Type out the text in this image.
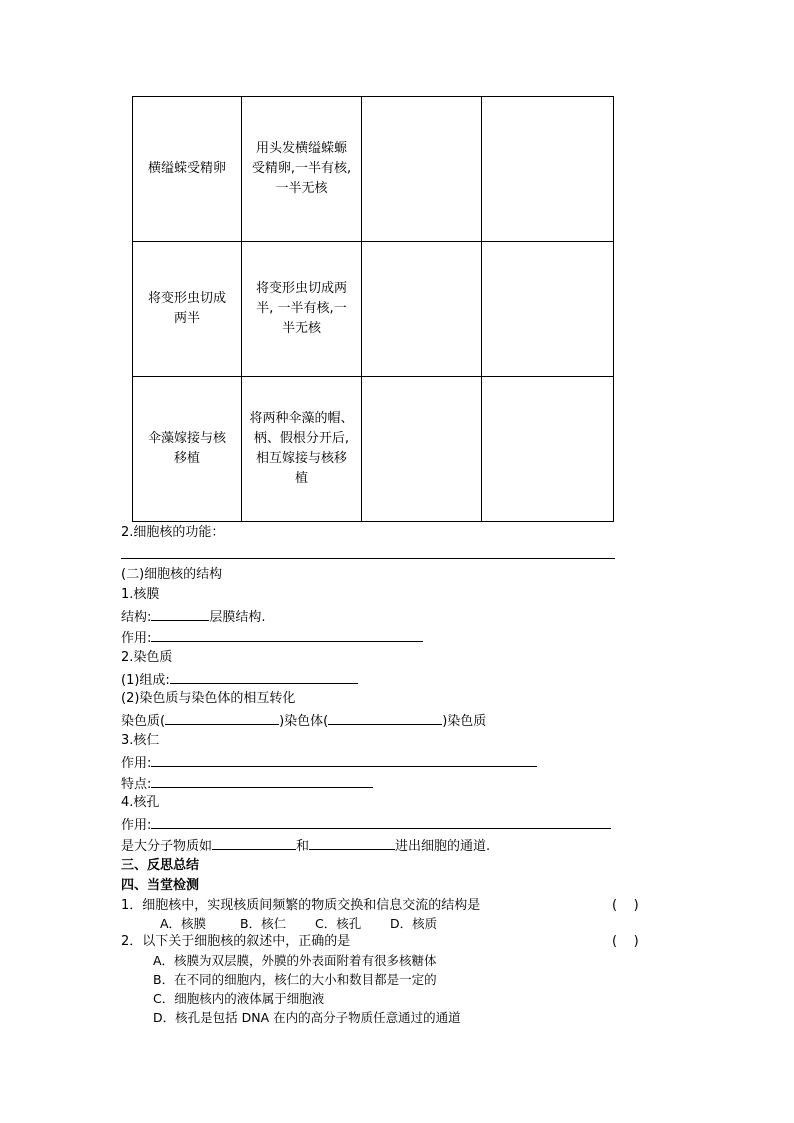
横缢蝾受精卵	用头发横缢蝾螈
受精卵,一半有核,
一半无核		

将变形虫切成两半	将变形虫切成两
半, 一半有核,一
半无核		

伞藻嫁接与核移植	将两种伞藻的帽、
柄、假根分开后,
相互嫁接与核移
植		

2.细胞核的功能：
(二)细胞核的结构
1.核膜
结构:	层膜结构.
作用:
2.染色质
(1)组成:
(2)染色质与染色体的相互转化
染色质(	)染色体(	)染色质
3.核仁
作用:
特点:
4.核孔
作用:
是大分子物质如	和	进出细胞的通道.
三、反思总结
四、当堂检测
1．细胞核中，实现核质间频繁的物质交换和信息交流的结构是	(    )
A．核膜	B．核仁 C．核孔 D．核质
2．以下关于细胞核的叙述中，正确的是	(    )
A．核膜为双层膜，外膜的外表面附着有很多核糖体
B．在不同的细胞内，核仁的大小和数目都是一定的
C．细胞核内的液体属于细胞液
D．核孔是包括 DNA 在内的高分子物质任意通过的通道
